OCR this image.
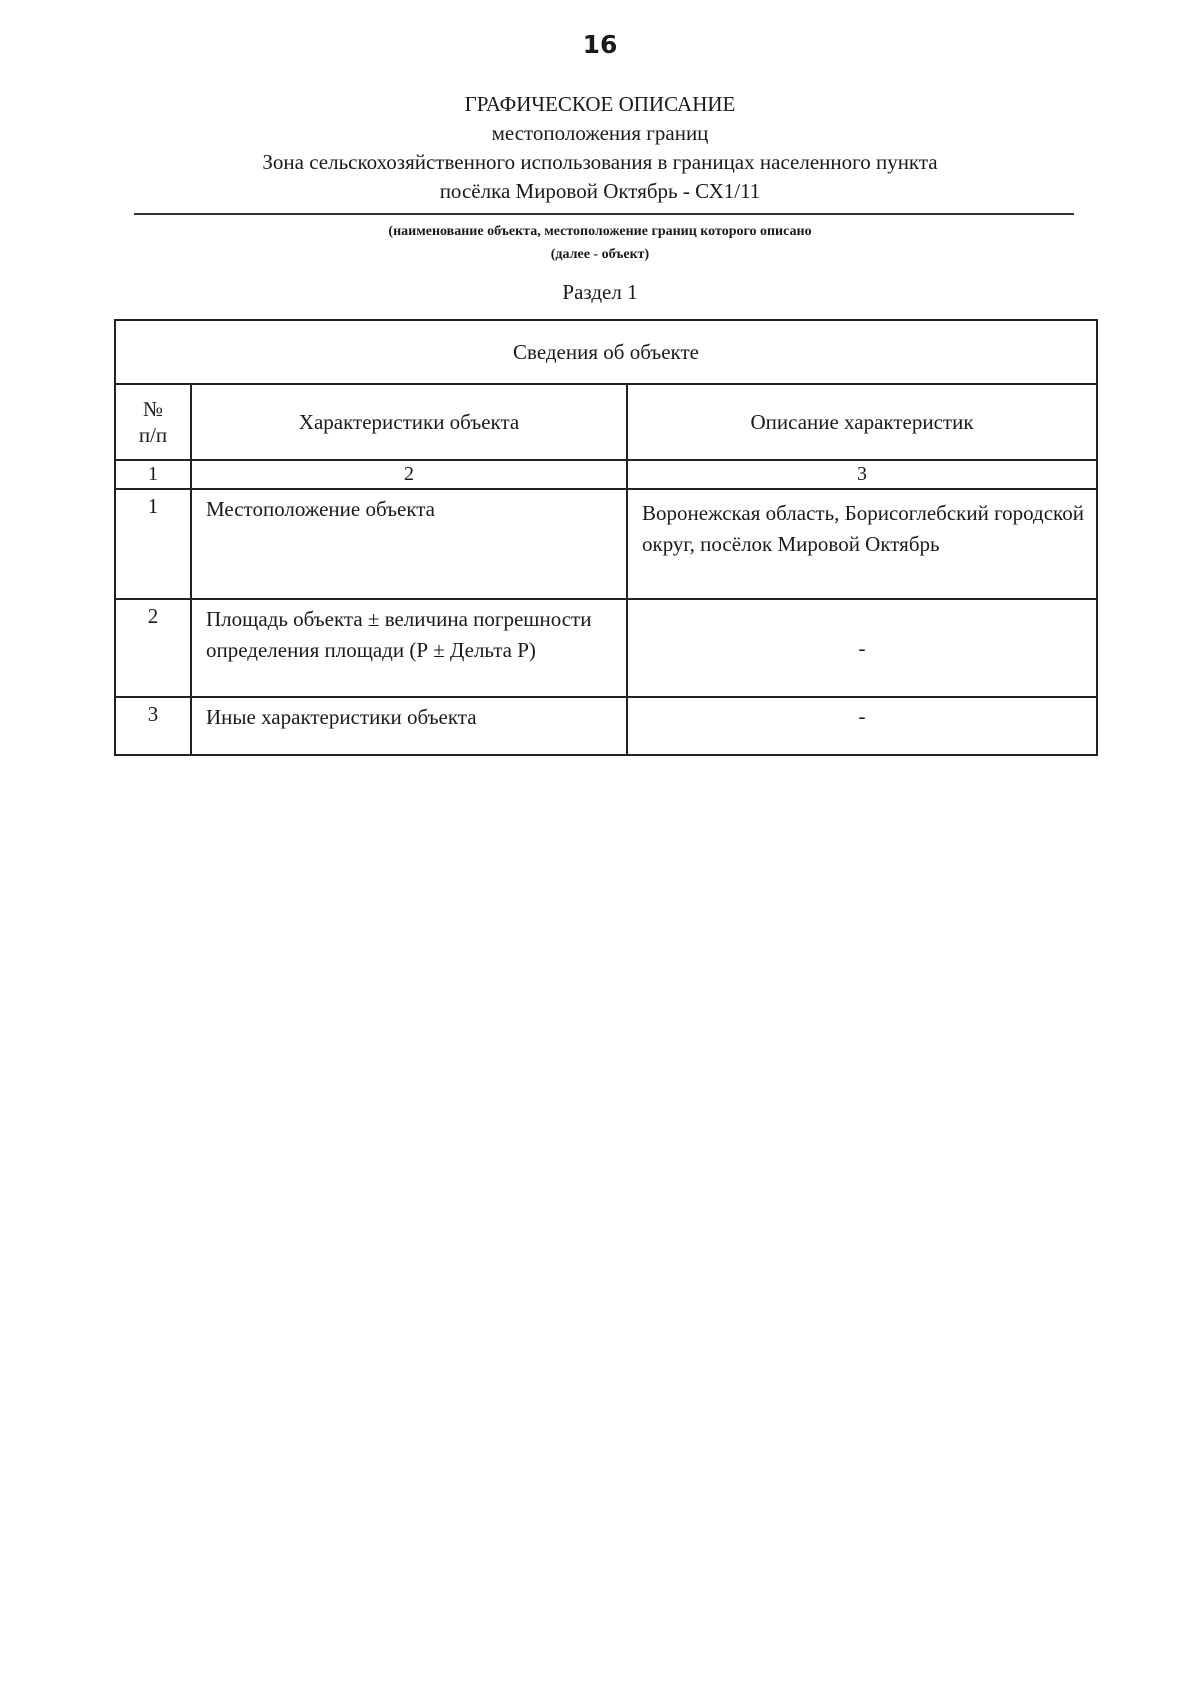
16
ГРАФИЧЕСКОЕ ОПИСАНИЕ
местоположения границ
Зона сельскохозяйственного использования в границах населенного пункта
посёлка Мировой Октябрь - СХ1/11
(наименование объекта, местоположение границ которого описано
(далее - объект)
Раздел 1
Сведения об объекте		
№ п/п	Характеристики объекта	Описание характеристик
1	2	3
1	Местоположение объекта	Воронежская область, Борисоглебский городской округ, посёлок Мировой Октябрь
2	Площадь объекта ± величина погрешности определения площади (Р ± Дельта Р)	-
3	Иные характеристики объекта	-
